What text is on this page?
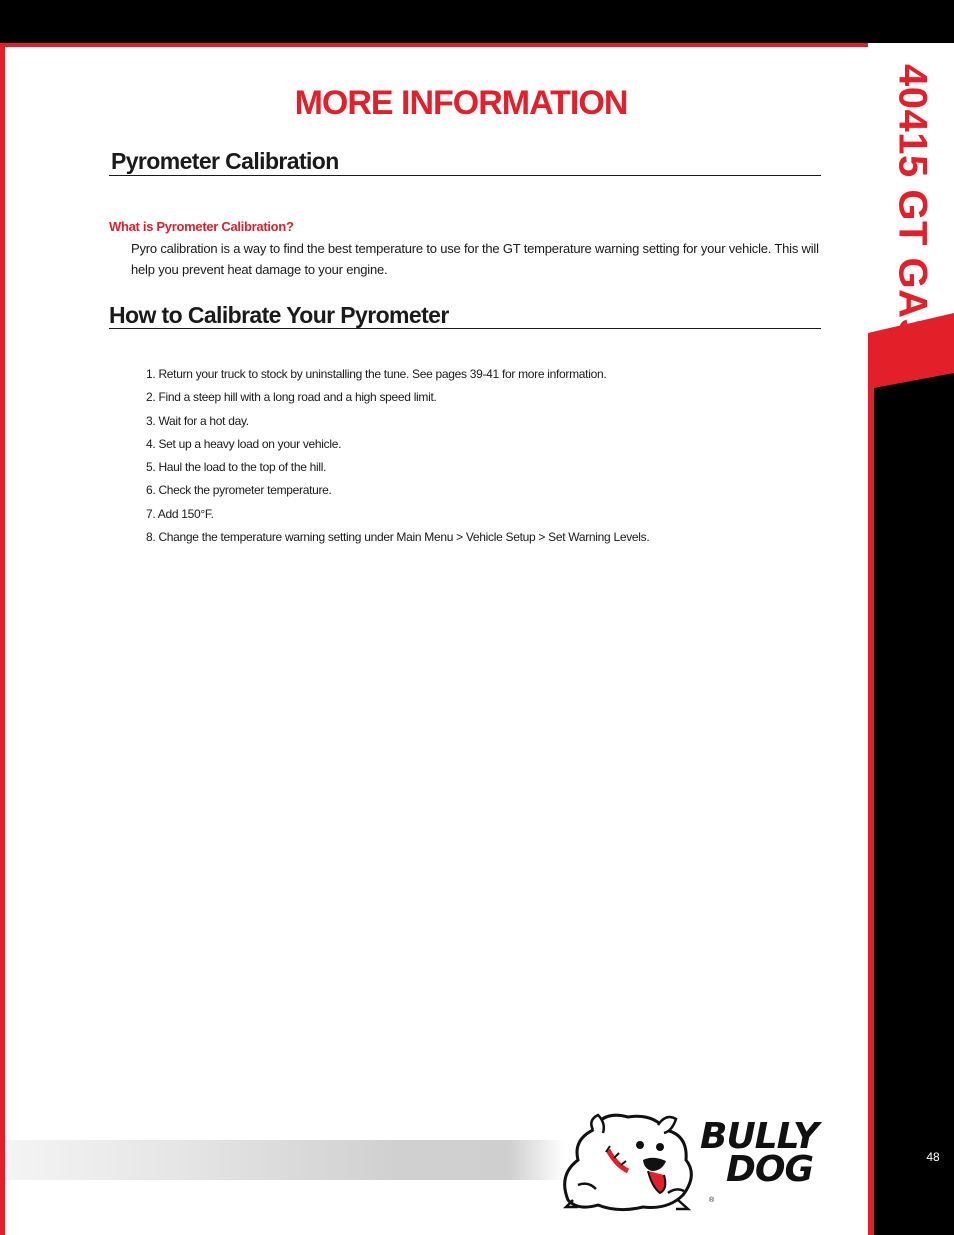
40415 GT GAS
48
MORE INFORMATION
Pyrometer Calibration
What is Pyrometer Calibration?
Pyro calibration is a way to find the best temperature to use for the GT temperature warning setting for your vehicle. This will help you prevent heat damage to your engine.
How to Calibrate Your Pyrometer
1. Return your truck to stock by uninstalling the tune. See pages 39-41 for more information.
2. Find a steep hill with a long road and a high speed limit.
3. Wait for a hot day.
4. Set up a heavy load on your vehicle.
5. Haul the load to the top of the hill.
6. Check the pyrometer temperature.
7. Add 150°F.
8. Change the temperature warning setting under Main Menu > Vehicle Setup > Set Warning Levels.
BULLY
DOG
®
